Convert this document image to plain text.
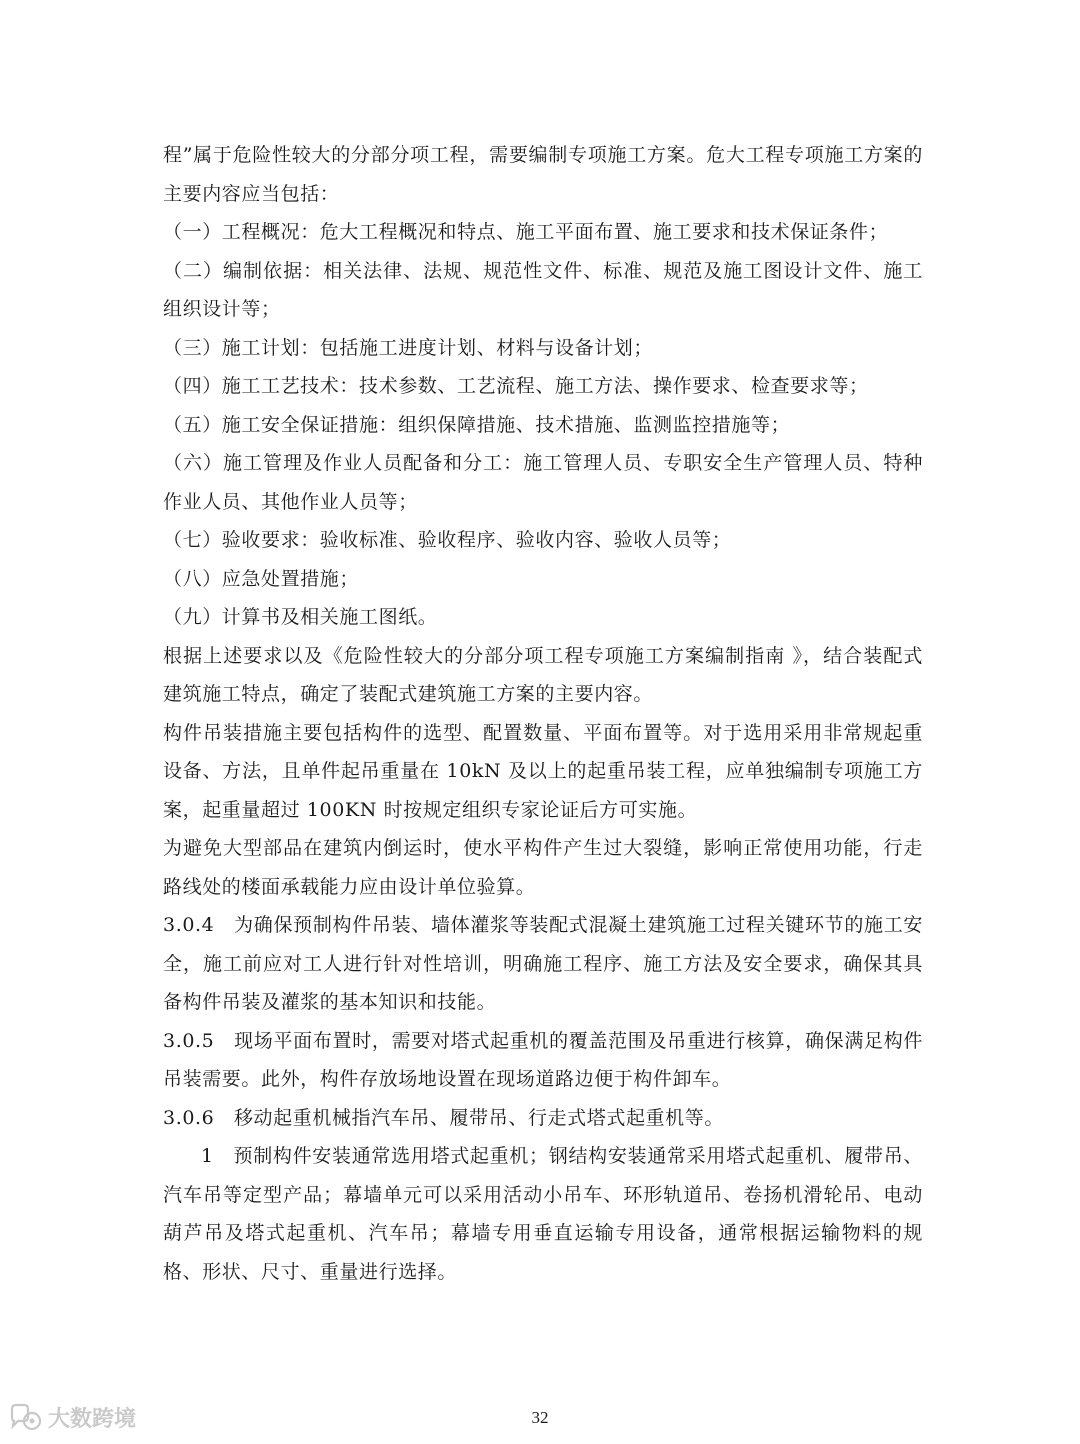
程”属于危险性较大的分部分项工程，需要编制专项施工方案。危大工程专项施工方案的主要内容应当包括：

（一）工程概况：危大工程概况和特点、施工平面布置、施工要求和技术保证条件；

（二）编制依据：相关法律、法规、规范性文件、标准、规范及施工图设计文件、施工组织设计等；

（三）施工计划：包括施工进度计划、材料与设备计划；

（四）施工工艺技术：技术参数、工艺流程、施工方法、操作要求、检查要求等；

（五）施工安全保证措施：组织保障措施、技术措施、监测监控措施等；

（六）施工管理及作业人员配备和分工：施工管理人员、专职安全生产管理人员、特种作业人员、其他作业人员等；

（七）验收要求：验收标准、验收程序、验收内容、验收人员等；

（八）应急处置措施；

（九）计算书及相关施工图纸。

根据上述要求以及《危险性较大的分部分项工程专项施工方案编制指南 》，结合装配式建筑施工特点，确定了装配式建筑施工方案的主要内容。

构件吊装措施主要包括构件的选型、配置数量、平面布置等。对于选用采用非常规起重设备、方法，且单件起吊重量在 10kN 及以上的起重吊装工程，应单独编制专项施工方案，起重量超过 100KN 时按规定组织专家论证后方可实施。

为避免大型部品在建筑内倒运时，使水平构件产生过大裂缝，影响正常使用功能，行走路线处的楼面承载能力应由设计单位验算。

3.0.4　为确保预制构件吊装、墙体灌浆等装配式混凝土建筑施工过程关键环节的施工安全，施工前应对工人进行针对性培训，明确施工程序、施工方法及安全要求，确保其具备构件吊装及灌浆的基本知识和技能。

3.0.5　现场平面布置时，需要对塔式起重机的覆盖范围及吊重进行核算，确保满足构件吊装需要。此外，构件存放场地设置在现场道路边便于构件卸车。

3.0.6　移动起重机械指汽车吊、履带吊、行走式塔式起重机等。

1　预制构件安装通常选用塔式起重机；钢结构安装通常采用塔式起重机、履带吊、汽车吊等定型产品；幕墙单元可以采用活动小吊车、环形轨道吊、卷扬机滑轮吊、电动葫芦吊及塔式起重机、汽车吊；幕墙专用垂直运输专用设备，通常根据运输物料的规格、形状、尺寸、重量进行选择。

32
大数跨境
